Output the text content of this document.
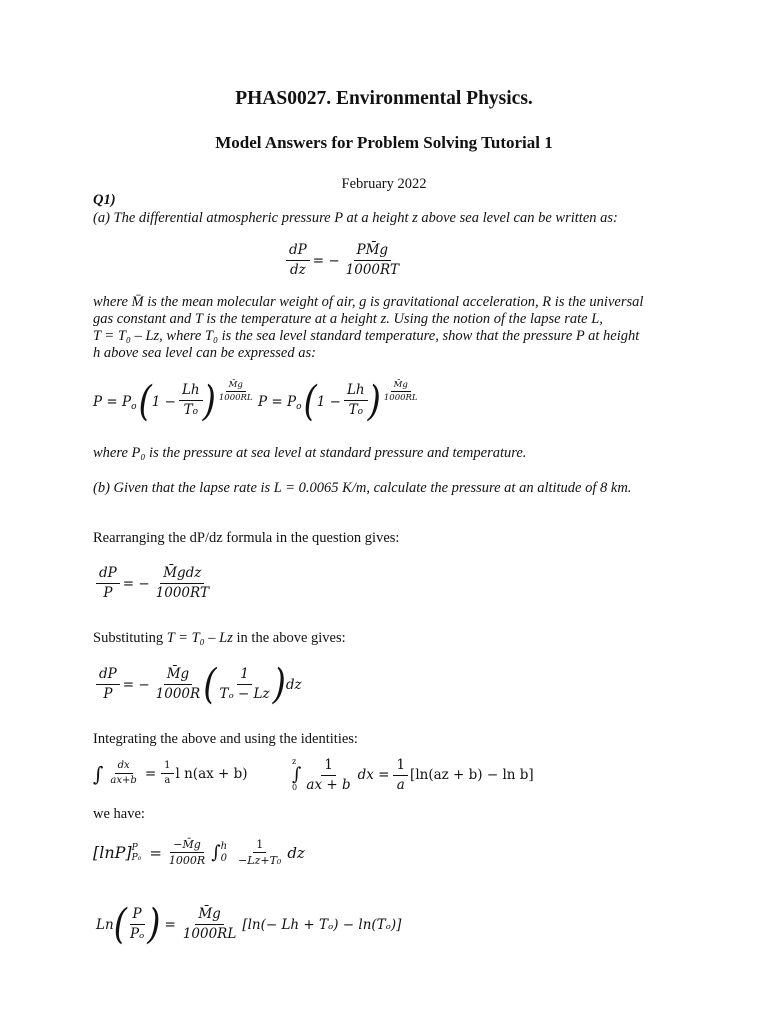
PHAS0027. Environmental Physics.
Model Answers for Problem Solving Tutorial 1
February 2022
Q1)
(a) The differential atmospheric pressure P at a height z above sea level can be written as:
$\frac{dP}{dz}$ = − $\frac{PM̄g}{1000RT}$
where M̄ is the mean molecular weight of air, g is gravitational acceleration, R is the universal
gas constant and T is the temperature at a height z. Using the notion of the lapse rate L,
T = T₀ – Lz, where T₀ is the sea level standard temperature, show that the pressure P at height
h above sea level can be expressed as:
P = P o ( $1 - \frac{Lh}{To}$ ) $\frac{M̄g}{1000RL}$ P = P o ( $1 - \frac{Lh}{To}$ ) $\frac{M̄g}{1000RL}$
where P₀ is the pressure at sea level at standard pressure and temperature.
(b) Given that the lapse rate is L = 0.0065 K/m, calculate the pressure at an altitude of 8 km.
Rearranging the dP/dz formula in the question gives:
$\frac{dP}{P}$ = − $\frac{\text{M̄gdz}}{1000RT}$
Substituting T = T₀ – Lz in the above gives:
$\frac{dP}{P}$ = − $\frac{M̄g}{1000R}$ ( $\frac{1}{\text{Tₒ − Lz}}$ ) dz
Integrating the above and using the identities:
∫ $\frac{dx}{ax+b} = \frac{1}{a}$ l n(ax + b)
z
∫
$0 \frac{1}{ax + b}$ dx = $\frac{1}{a} [\ln(az + b) - \ln b]$
we have:
[lnP] P
$P_0 = \frac{-M̄g}{1000R}$ ∫ h
$0 \frac{1}{\text{−Lz+T₀}}$ dz
Ln ( $\frac{P}{\text{Pₒ}}$ ) = $\frac{M̄g}{1000RL} [\ln(- Lh + T_o) - \ln(T_o)]$
